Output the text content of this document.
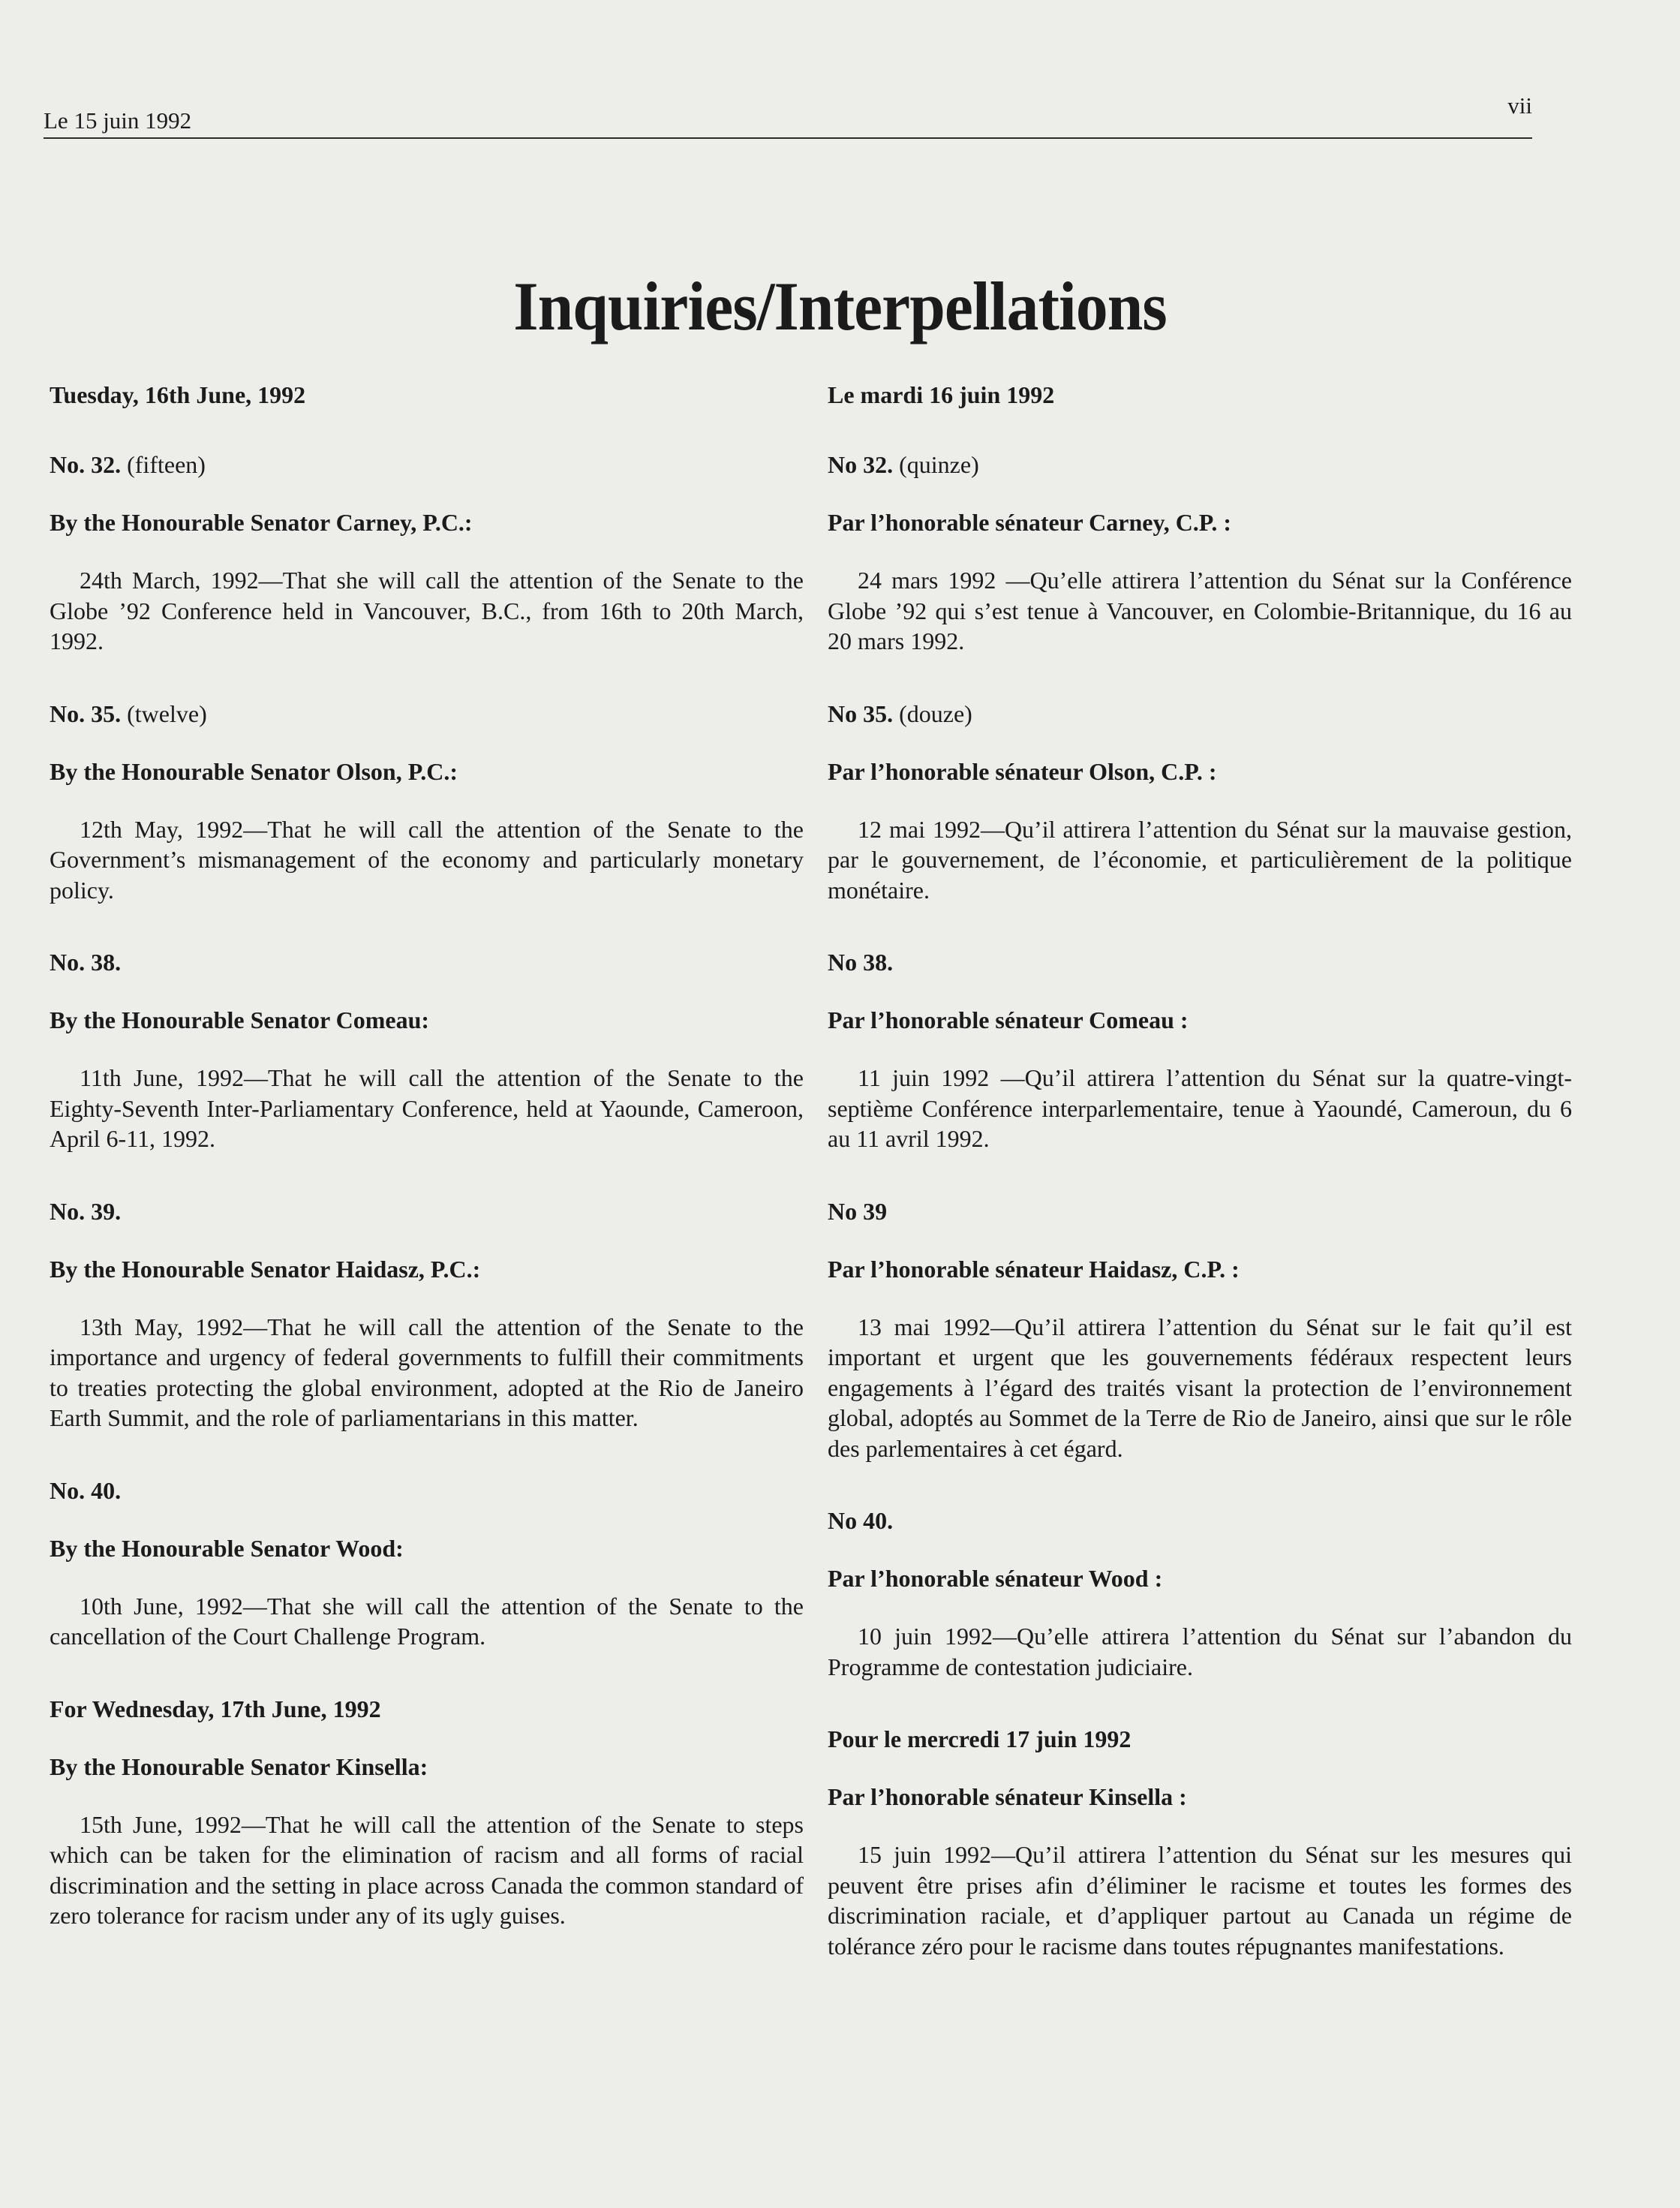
Le 15 juin 1992
vii
Inquiries/Interpellations
Tuesday, 16th June, 1992
No. 32. (fifteen)
By the Honourable Senator Carney, P.C.:

24th March, 1992—That she will call the attention of the Senate to the Globe ’92 Conference held in Vancouver, B.C., from 16th to 20th March, 1992.

No. 35. (twelve)
By the Honourable Senator Olson, P.C.:

12th May, 1992—That he will call the attention of the Senate to the Government’s mismanagement of the economy and particularly monetary policy.

No. 38.
By the Honourable Senator Comeau:

11th June, 1992—That he will call the attention of the Senate to the Eighty-Seventh Inter-Parliamentary Conference, held at Yaounde, Cameroon, April 6-11, 1992.

No. 39.
By the Honourable Senator Haidasz, P.C.:

13th May, 1992—That he will call the attention of the Senate to the importance and urgency of federal governments to fulfill their commitments to treaties protecting the global environment, adopted at the Rio de Janeiro Earth Summit, and the role of parliamentarians in this matter.

No. 40.
By the Honourable Senator Wood:

10th June, 1992—That she will call the attention of the Senate to the cancellation of the Court Challenge Program.

For Wednesday, 17th June, 1992
By the Honourable Senator Kinsella:

15th June, 1992—That he will call the attention of the Senate to steps which can be taken for the elimination of racism and all forms of racial discrimination and the setting in place across Canada the common standard of zero tolerance for racism under any of its ugly guises.

Le mardi 16 juin 1992
No 32. (quinze)
Par l’honorable sénateur Carney, C.P. :

24 mars 1992 —Qu’elle attirera l’attention du Sénat sur la Conférence Globe ’92 qui s’est tenue à Vancouver, en Colombie-Britannique, du 16 au 20 mars 1992.

No 35. (douze)
Par l’honorable sénateur Olson, C.P. :

12 mai 1992—Qu’il attirera l’attention du Sénat sur la mauvaise gestion, par le gouvernement, de l’économie, et particulièrement de la politique monétaire.

No 38.
Par l’honorable sénateur Comeau :

11 juin 1992 —Qu’il attirera l’attention du Sénat sur la quatre-vingt-septième Conférence interparlementaire, tenue à Yaoundé, Cameroun, du 6 au 11 avril 1992.

No 39
Par l’honorable sénateur Haidasz, C.P. :

13 mai 1992—Qu’il attirera l’attention du Sénat sur le fait qu’il est important et urgent que les gouvernements fédéraux respectent leurs engagements à l’égard des traités visant la protection de l’environnement global, adoptés au Sommet de la Terre de Rio de Janeiro, ainsi que sur le rôle des parlementaires à cet égard.

No 40.
Par l’honorable sénateur Wood :

10 juin 1992—Qu’elle attirera l’attention du Sénat sur l’abandon du Programme de contestation judiciaire.

Pour le mercredi 17 juin 1992
Par l’honorable sénateur Kinsella :

15 juin 1992—Qu’il attirera l’attention du Sénat sur les mesures qui peuvent être prises afin d’éliminer le racisme et toutes les formes des discrimination raciale, et d’appliquer partout au Canada un régime de tolérance zéro pour le racisme dans toutes répugnantes manifestations.
